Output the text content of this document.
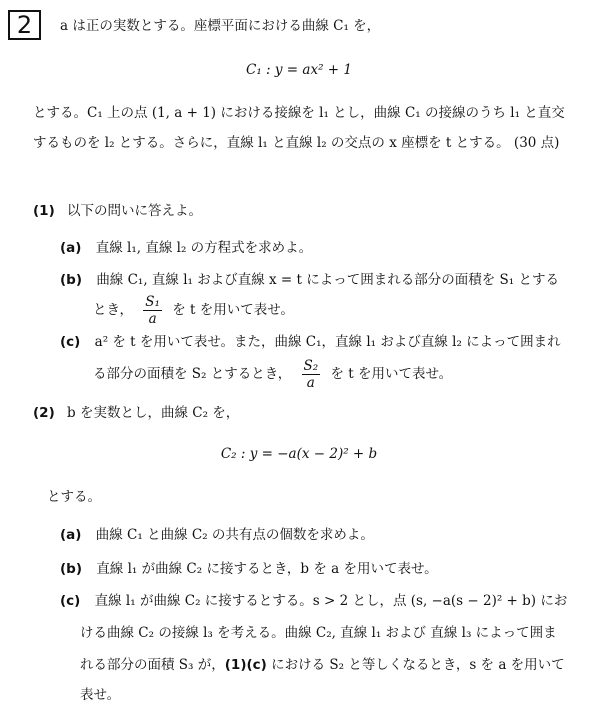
2	a は正の実数とする。座標平面における曲線 C₁ を，
C₁ : y = ax² + 1
とする。C₁ 上の点 (1, a + 1) における接線を l₁ とし，曲線 C₁ の接線のうち l₁ と直交
するものを l₂ とする。さらに，直線 l₁ と直線 l₂ の交点の x 座標を t とする。 (30 点)
(1) 以下の問いに答えよ。
(a) 直線 l₁, 直線 l₂ の方程式を求めよ。
(b) 曲線 C₁, 直線 l₁ および直線 x = t によって囲まれる部分の面積を S₁ とする
とき， $\frac{\text{S₁}}{a}$ を t を用いて表せ。
(c) a² を t を用いて表せ。また，曲線 C₁，直線 l₁ および直線 l₂ によって囲まれ
る部分の面積を S₂ とするとき， $\frac{\text{S₂}}{a}$ を t を用いて表せ。
(2) b を実数とし，曲線 C₂ を，
C₂ : y = −a(x − 2)² + b
とする。
(a) 曲線 C₁ と曲線 C₂ の共有点の個数を求めよ。
(b) 直線 l₁ が曲線 C₂ に接するとき，b を a を用いて表せ。
(c) 直線 l₁ が曲線 C₂ に接するとする。s > 2 とし，点 (s, −a(s − 2)² + b) にお
ける曲線 C₂ の接線 l₃ を考える。曲線 C₂, 直線 l₁ および 直線 l₃ によって囲ま
れる部分の面積 S₃ が，(1)(c) における S₂ と等しくなるとき，s を a を用いて
表せ。
